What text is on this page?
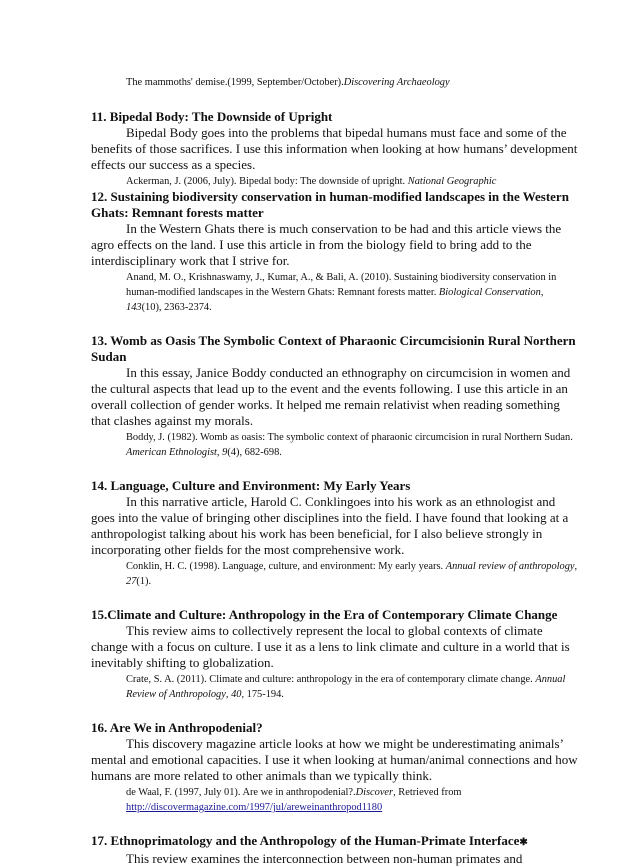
The mammoths' demise.(1999, September/October).Discovering Archaeology

11. Bipedal Body: The Downside of Upright

Bipedal Body goes into the problems that bipedal humans must face and some of the benefits of those sacrifices. I use this information when looking at how humans’ development effects our success as a species.

Ackerman, J. (2006, July). Bipedal body: The downside of upright. National Geographic

12. Sustaining biodiversity conservation in human-modified landscapes in the Western Ghats: Remnant forests matter

In the Western Ghats there is much conservation to be had and this article views the agro effects on the land. I use this article in from the biology field to bring add to the interdisciplinary work that I strive for.

Anand, M. O., Krishnaswamy, J., Kumar, A., & Bali, A. (2010). Sustaining biodiversity conservation in human-modified landscapes in the Western Ghats: Remnant forests matter. Biological Conservation, 143(10), 2363-2374.

13. Womb as Oasis The Symbolic Context of Pharaonic Circumcisionin Rural Northern Sudan

In this essay, Janice Boddy conducted an ethnography on circumcision in women and the cultural aspects that lead up to the event and the events following. I use this article in an overall collection of gender works. It helped me remain relativist when reading something that clashes against my morals.

Boddy, J. (1982). Womb as oasis: The symbolic context of pharaonic circumcision in rural Northern Sudan. American Ethnologist, 9(4), 682-698.

14. Language, Culture and Environment: My Early Years

In this narrative article, Harold C. Conklingoes into his work as an ethnologist and goes into the value of bringing other disciplines into the field. I have found that looking at a anthropologist talking about his work has been beneficial, for I also believe strongly in incorporating other fields for the most comprehensive work.

Conklin, H. C. (1998). Language, culture, and environment: My early years. Annual review of anthropology, 27(1).

15.Climate and Culture: Anthropology in the Era of Contemporary Climate Change

This review aims to collectively represent the local to global contexts of climate change with a focus on culture. I use it as a lens to link climate and culture in a world that is inevitably shifting to globalization.

Crate, S. A. (2011). Climate and culture: anthropology in the era of contemporary climate change. Annual Review of Anthropology, 40, 175-194.

16. Are We in Anthropodenial?

This discovery magazine article looks at how we might be underestimating animals’ mental and emotional capacities. I use it when looking at human/animal connections and how humans are more related to other animals than we typically think.

de Waal, F. (1997, July 01). Are we in anthropodenial?.Discover, Retrieved from http://discovermagazine.com/1997/jul/areweinanthropod1180

17. Ethnoprimatology and the Anthropology of the Human-Primate Interface✱

This review examines the interconnection between non-human primates and
